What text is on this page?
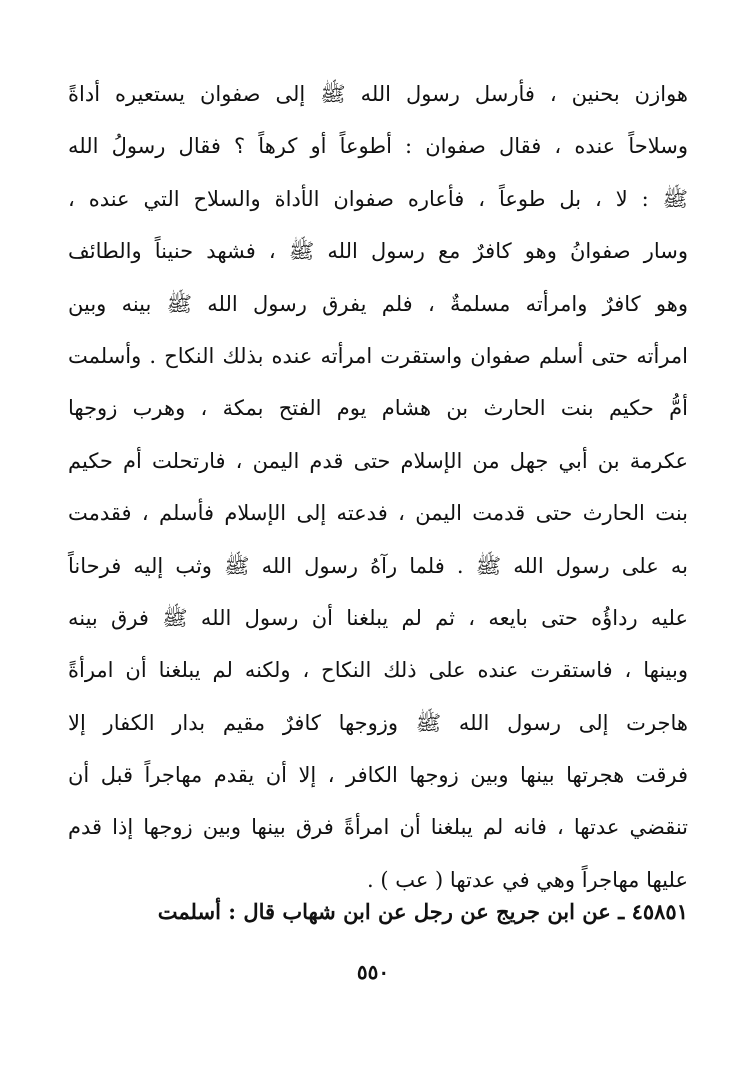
هوازن بحنين ، فأرسل رسول الله ﷺ إلى صفوان يستعيره أداةً
وسلاحاً عنده ، فقال صفوان : أطوعاً أو كرهاً ؟ فقال رسولُ الله
ﷺ : لا ، بل طوعاً ، فأعاره صفوان الأداة والسلاح التي عنده ،
وسار صفوانُ وهو كافرٌ مع رسول الله ﷺ ، فشهد حنيناً والطائف
وهو كافرٌ وامرأته مسلمةٌ ، فلم يفرق رسول الله ﷺ بينه وبين
امرأته حتى أسلم صفوان واستقرت امرأته عنده بذلك النكاح . وأسلمت
أمُّ حكيم بنت الحارث بن هشام يوم الفتح بمكة ، وهرب زوجها
عكرمة بن أبي جهل من الإسلام حتى قدم اليمن ، فارتحلت أم حكيم
بنت الحارث حتى قدمت اليمن ، فدعته إلى الإسلام فأسلم ، فقدمت
به على رسول الله ﷺ . فلما رآهُ رسول الله ﷺ وثب إليه فرحاناً
عليه رداؤُه حتى بايعه ، ثم لم يبلغنا أن رسول الله ﷺ فرق بينه
وبينها ، فاستقرت عنده على ذلك النكاح ، ولكنه لم يبلغنا أن امرأةً
هاجرت إلى رسول الله ﷺ وزوجها كافرٌ مقيم بدار الكفار إلا
فرقت هجرتها بينها وبين زوجها الكافر ، إلا أن يقدم مهاجراً قبل أن
تنقضي عدتها ، فانه لم يبلغنا أن امرأةً فرق بينها وبين زوجها إذا قدم
عليها مهاجراً وهي في عدتها ( عب ) .
٤٥٨٥١ ـ عن ابن جريج عن رجل عن ابن شهاب قال : أسلمت
٥٥٠
